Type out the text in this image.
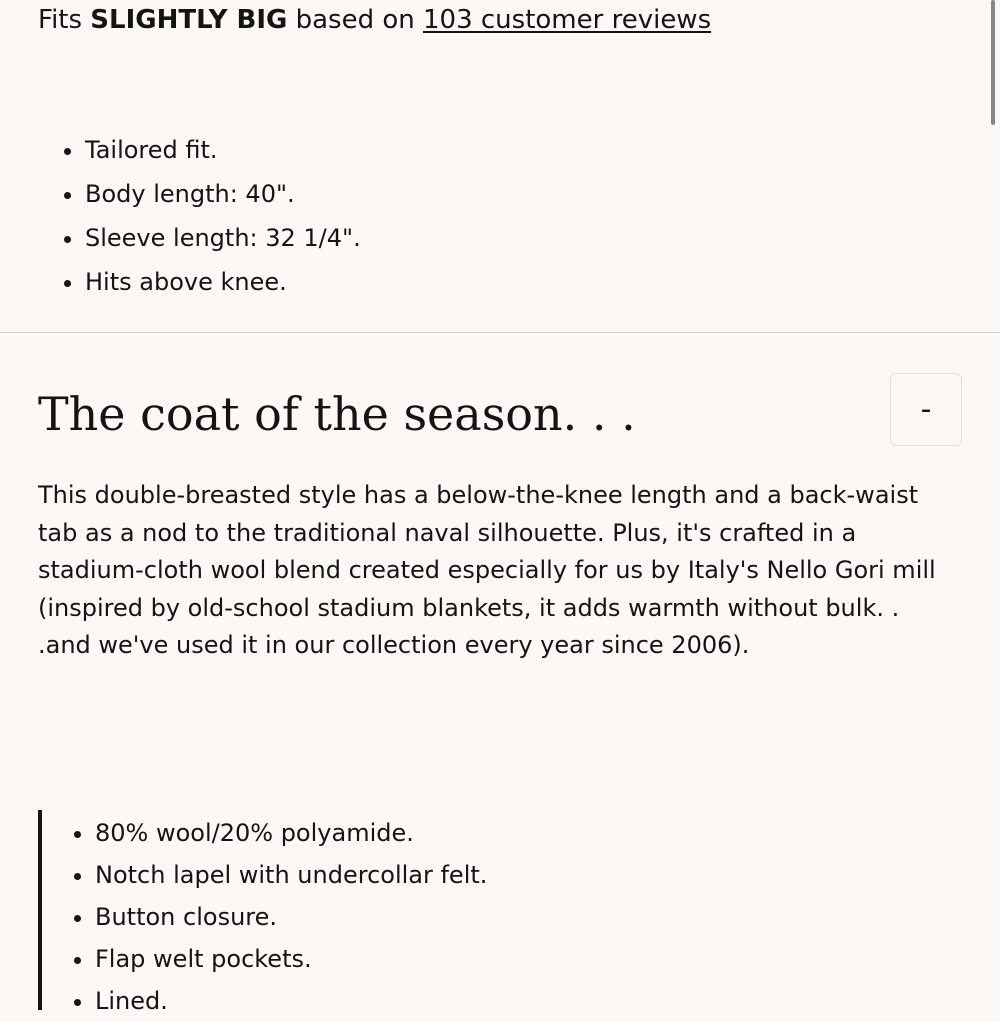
Fits SLIGHTLY BIG based on 103 customer reviews
• Tailored fit.
• Body length: 40".
• Sleeve length: 32 1/4".
• Hits above knee.
The coat of the season. . .	-

This double-breasted style has a below-the-knee length and a back-waist tab as a nod to the traditional naval silhouette. Plus, it's crafted in a stadium-cloth wool blend created especially for us by Italy's Nello Gori mill (inspired by old-school stadium blankets, it adds warmth without bulk. . .and we've used it in our collection every year since 2006).

• 80% wool/20% polyamide.
• Notch lapel with undercollar felt.
• Button closure.
• Flap welt pockets.
• Lined.
